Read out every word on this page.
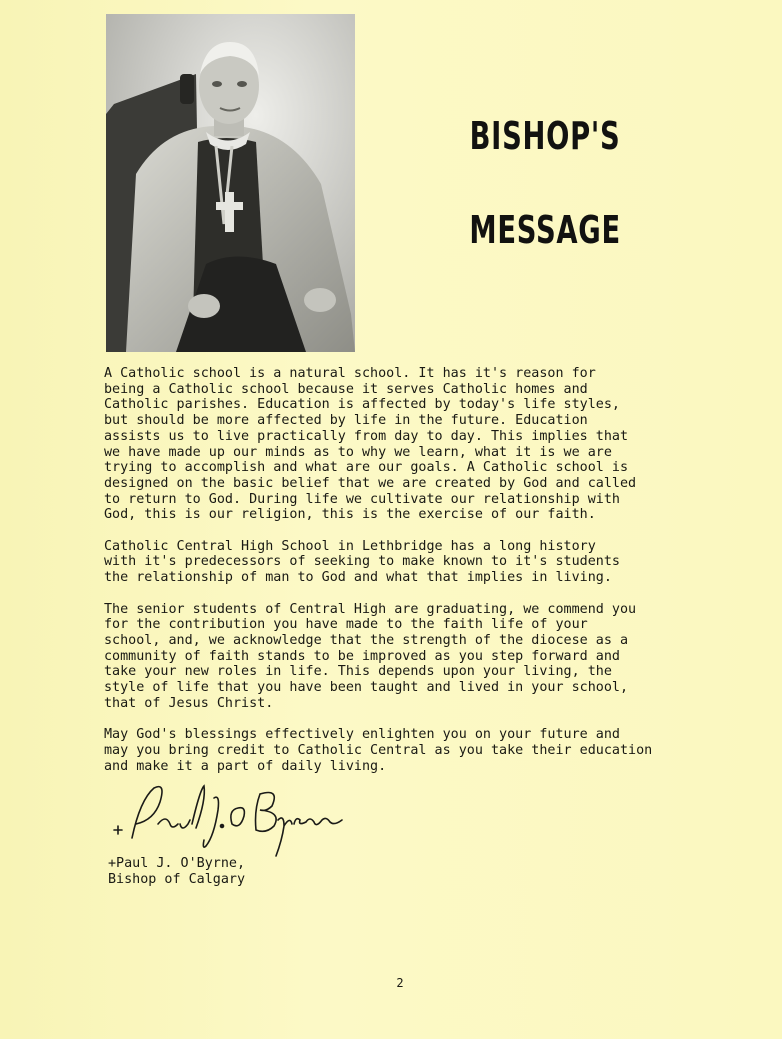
BISHOP'S
MESSAGE

A Catholic school is a natural school. It has it's reason for
being a Catholic school because it serves Catholic homes and
Catholic parishes. Education is affected by today's life styles,
but should be more affected by life in the future. Education
assists us to live practically from day to day. This implies that
we have made up our minds as to why we learn, what it is we are
trying to accomplish and what are our goals. A Catholic school is
designed on the basic belief that we are created by God and called
to return to God. During life we cultivate our relationship with
God, this is our religion, this is the exercise of our faith.

Catholic Central High School in Lethbridge has a long history
with it's predecessors of seeking to make known to it's students
the relationship of man to God and what that implies in living.

The senior students of Central High are graduating, we commend you
for the contribution you have made to the faith life of your
school, and, we acknowledge that the strength of the diocese as a
community of faith stands to be improved as you step forward and
take your new roles in life. This depends upon your living, the
style of life that you have been taught and lived in your school,
that of Jesus Christ.

May God's blessings effectively enlighten you on your future and
may you bring credit to Catholic Central as you take their education
and make it a part of daily living.

+Paul J. O'Byrne,
Bishop of Calgary
2
